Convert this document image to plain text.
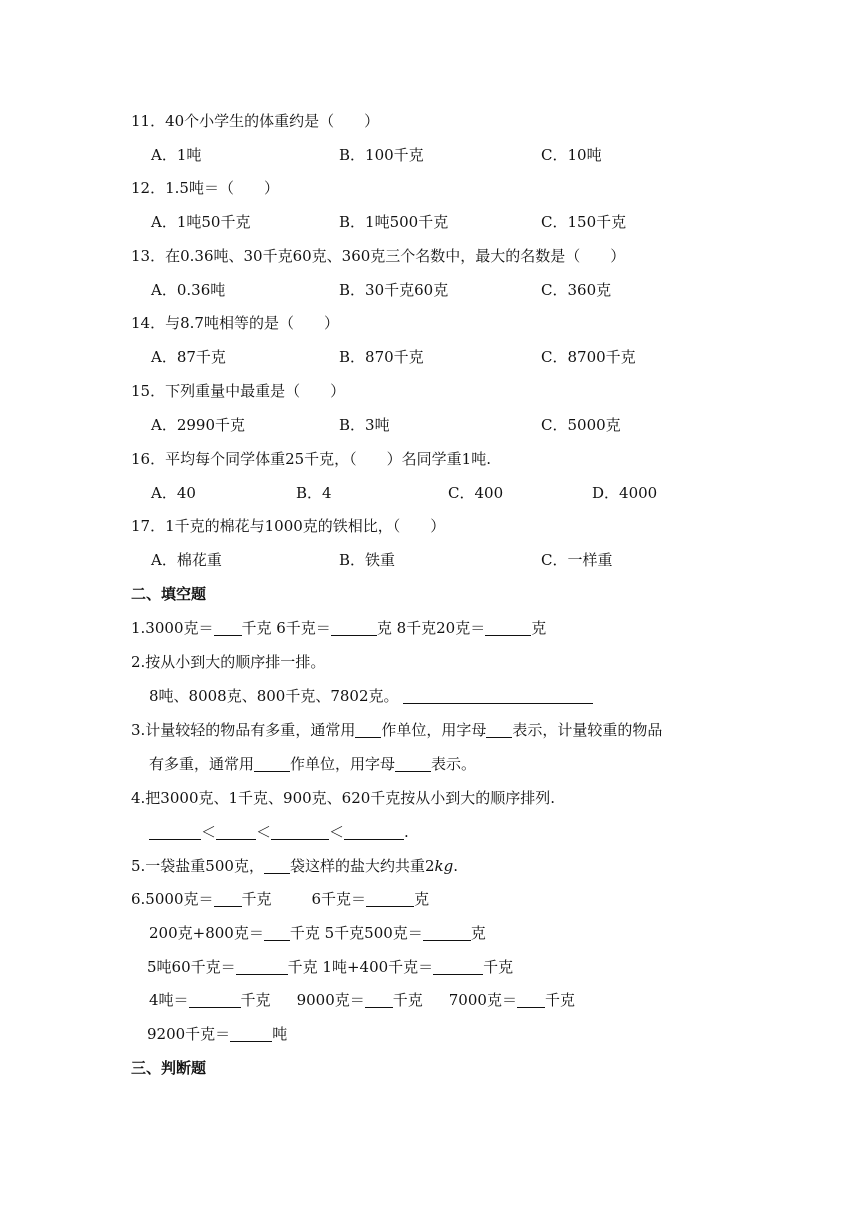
11．40个小学生的体重约是（　　）
A．1吨	B．100千克	C．10吨
12．1.5吨＝（　　）
A．1吨50千克	B．1吨500千克	C．150千克
13．在0.36吨、30千克60克、360克三个名数中，最大的名数是（　　）
A．0.36吨	B．30千克60克	C．360克
14．与8.7吨相等的是（　　）
A．87千克	B．870千克	C．8700千克
15．下列重量中最重是（　　）
A．2990千克	B．3吨	C．5000克
16．平均每个同学体重25千克，（　　）名同学重1吨.
A．40	B．4	C．400	D．4000
17．1千克的棉花与1000克的铁相比，（　　）
A．棉花重	B．铁重	C．一样重
二、填空题
1.3000克＝ 千克 6千克＝	克 8千克20克＝	克
2.按从小到大的顺序排一排。
8吨、8008克、800千克、7802克。
3.计量较轻的物品有多重，通常用 作单位，用字母 表示，计量较重的物品
有多重，通常用 作单位，用字母 表示。
4.把3000克、1千克、900克、620千克按从小到大的顺序排列.
＜	＜	＜	.
5.一袋盐重500克， 袋这样的盐大约共重2kg.
6.5000克＝ 千克	6千克＝	克
200克+800克＝ 千克 5千克500克＝	克
5吨60千克＝	千克 1吨+400千克＝	千克
4吨＝	千克 9000克＝ 千克 7000克＝ 千克
9200千克＝	吨
三、判断题
